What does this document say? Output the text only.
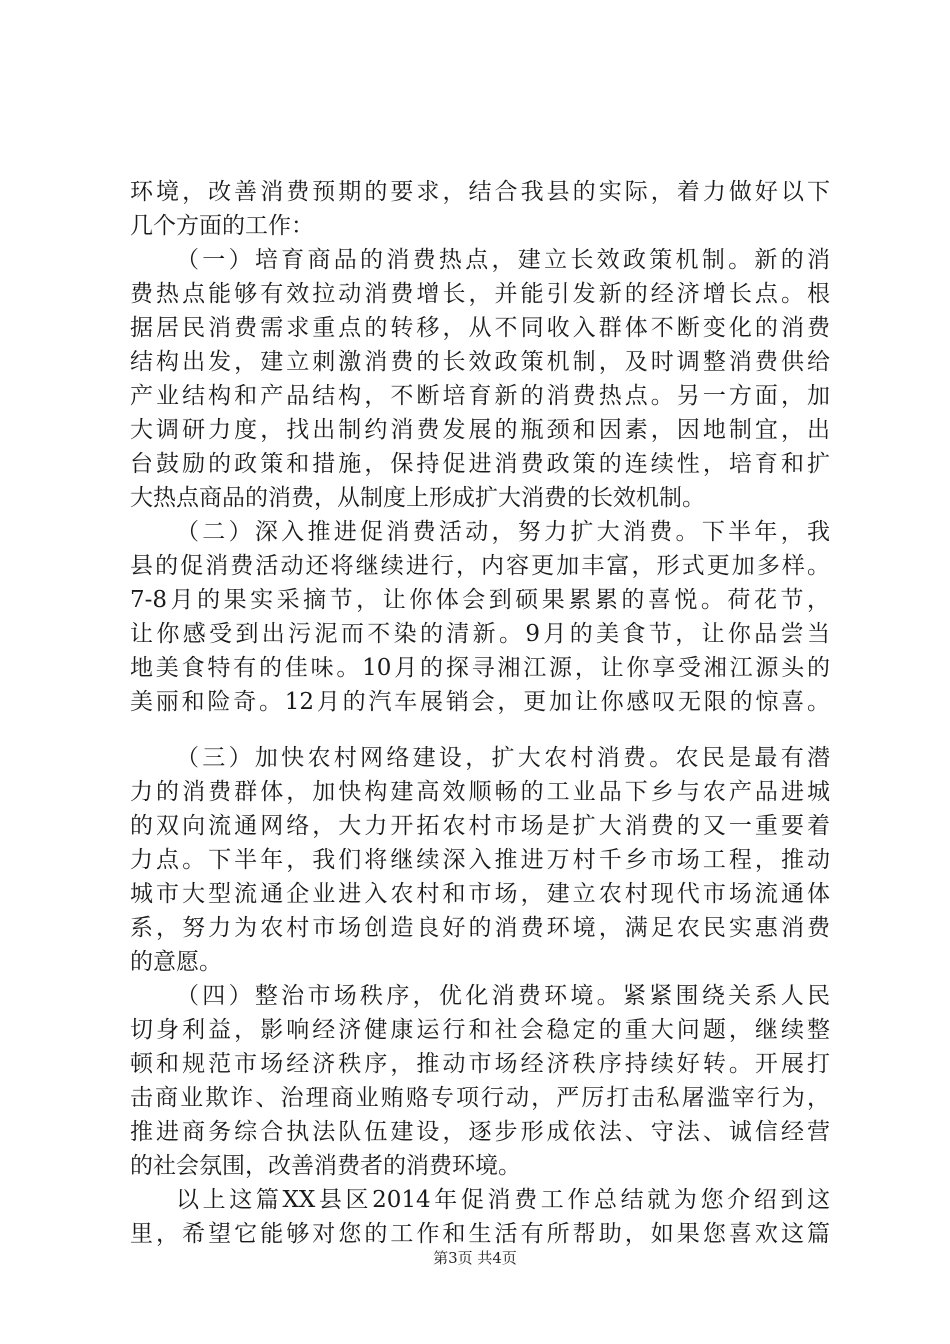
环境，改善消费预期的要求，结合我县的实际，着力做好以下
几个方面的工作：
（一）培育商品的消费热点，建立长效政策机制。新的消
费热点能够有效拉动消费增长，并能引发新的经济增长点。根
据居民消费需求重点的转移，从不同收入群体不断变化的消费
结构出发，建立刺激消费的长效政策机制，及时调整消费供给
产业结构和产品结构，不断培育新的消费热点。另一方面，加
大调研力度，找出制约消费发展的瓶颈和因素，因地制宜，出
台鼓励的政策和措施，保持促进消费政策的连续性，培育和扩
大热点商品的消费，从制度上形成扩大消费的长效机制。
（二）深入推进促消费活动，努力扩大消费。下半年，我
县的促消费活动还将继续进行，内容更加丰富，形式更加多样。
7-8月的果实采摘节，让你体会到硕果累累的喜悦。荷花节，
让你感受到出污泥而不染的清新。9月的美食节，让你品尝当
地美食特有的佳味。10月的探寻湘江源，让你享受湘江源头的
美丽和险奇。12月的汽车展销会，更加让你感叹无限的惊喜。
（三）加快农村网络建设，扩大农村消费。农民是最有潜
力的消费群体，加快构建高效顺畅的工业品下乡与农产品进城
的双向流通网络，大力开拓农村市场是扩大消费的又一重要着
力点。下半年，我们将继续深入推进万村千乡市场工程，推动
城市大型流通企业进入农村和市场，建立农村现代市场流通体
系，努力为农村市场创造良好的消费环境，满足农民实惠消费
的意愿。
（四）整治市场秩序，优化消费环境。紧紧围绕关系人民
切身利益，影响经济健康运行和社会稳定的重大问题，继续整
顿和规范市场经济秩序，推动市场经济秩序持续好转。开展打
击商业欺诈、治理商业贿赂专项行动，严厉打击私屠滥宰行为，
推进商务综合执法队伍建设，逐步形成依法、守法、诚信经营
的社会氛围，改善消费者的消费环境。
以上这篇XX县区2014年促消费工作总结就为您介绍到这
里，希望它能够对您的工作和生活有所帮助，如果您喜欢这篇
第3页 共4页
